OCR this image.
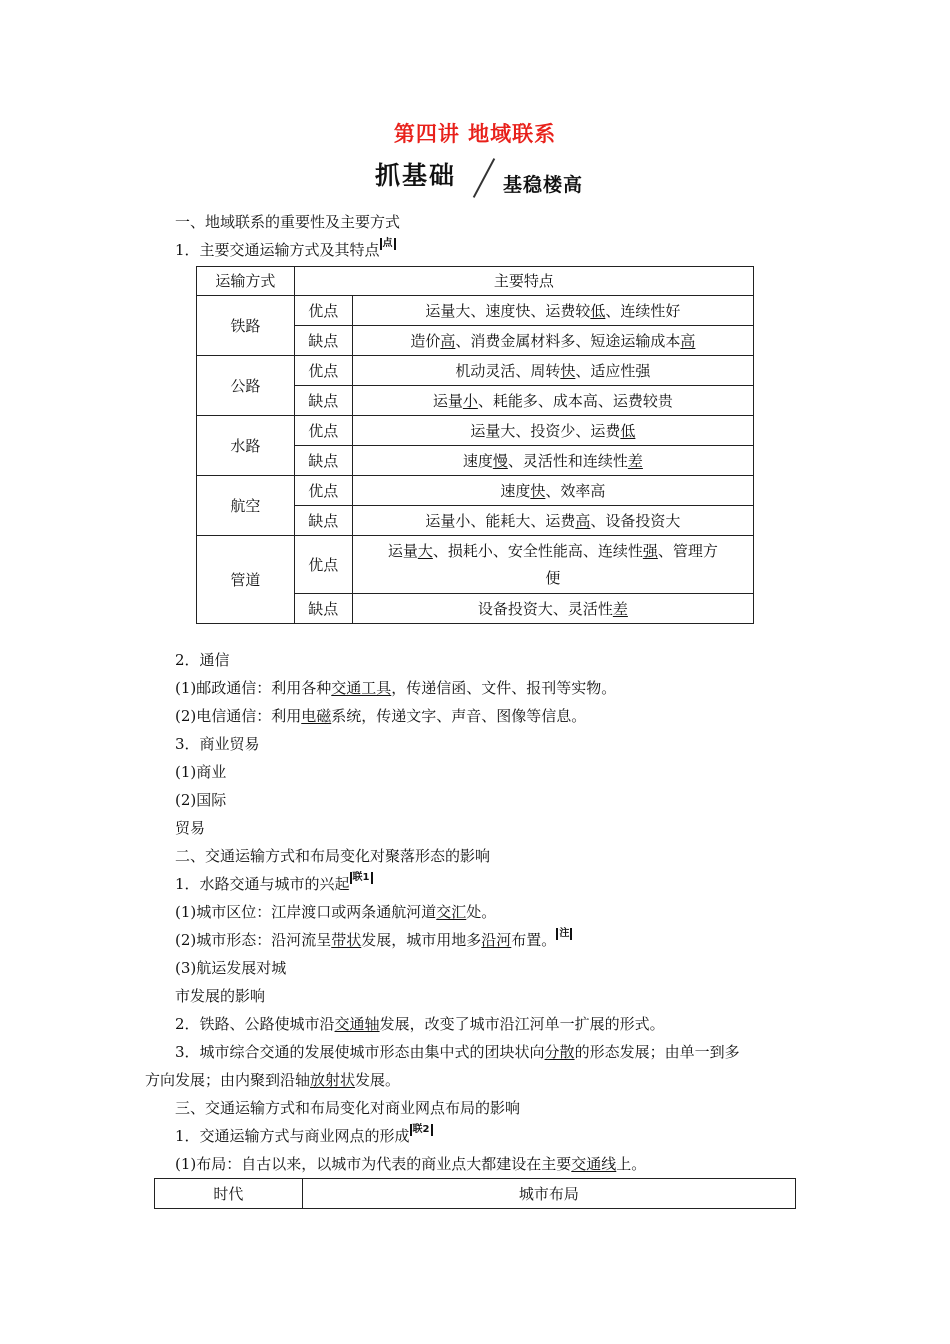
第四讲 地域联系
抓基础 基稳楼高
一、地域联系的重要性及主要方式
1．主要交通运输方式及其特点 点
运输方式	主要特点	
铁路	优点	运量大、速度快、运费较低、连续性好
	缺点	造价高、消费金属材料多、短途运输成本高
公路	优点	机动灵活、周转快、适应性强
	缺点	运量小、耗能多、成本高、运费较贵
水路	优点	运量大、投资少、运费低
	缺点	速度慢、灵活性和连续性差
航空	优点	速度快、效率高
	缺点	运量小、能耗大、运费高、设备投资大
管道	优点	运量大、损耗小、安全性能高、连续性强、管理方
便
	缺点	设备投资大、灵活性差
2．通信
(1)邮政通信：利用各种交通工具，传递信函、文件、报刊等实物。
(2)电信通信：利用电磁系统，传递文字、声音、图像等信息。
3．商业贸易
(1)商业
(2)国际
贸易
二、交通运输方式和布局变化对聚落形态的影响
1．水路交通与城市的兴起 联1
(1)城市区位：江岸渡口或两条通航河道交汇处。
(2)城市形态：沿河流呈带状发展，城市用地多沿河布置。 注
(3)航运发展对城
市发展的影响
2．铁路、公路使城市沿交通轴发展，改变了城市沿江河单一扩展的形式。
3．城市综合交通的发展使城市形态由集中式的团块状向分散的形态发展；由单一到多
方向发展；由内聚到沿轴放射状发展。
三、交通运输方式和布局变化对商业网点布局的影响
1．交通运输方式与商业网点的形成 联2
(1)布局：自古以来，以城市为代表的商业点大都建设在主要交通线上。
时代	城市布局
